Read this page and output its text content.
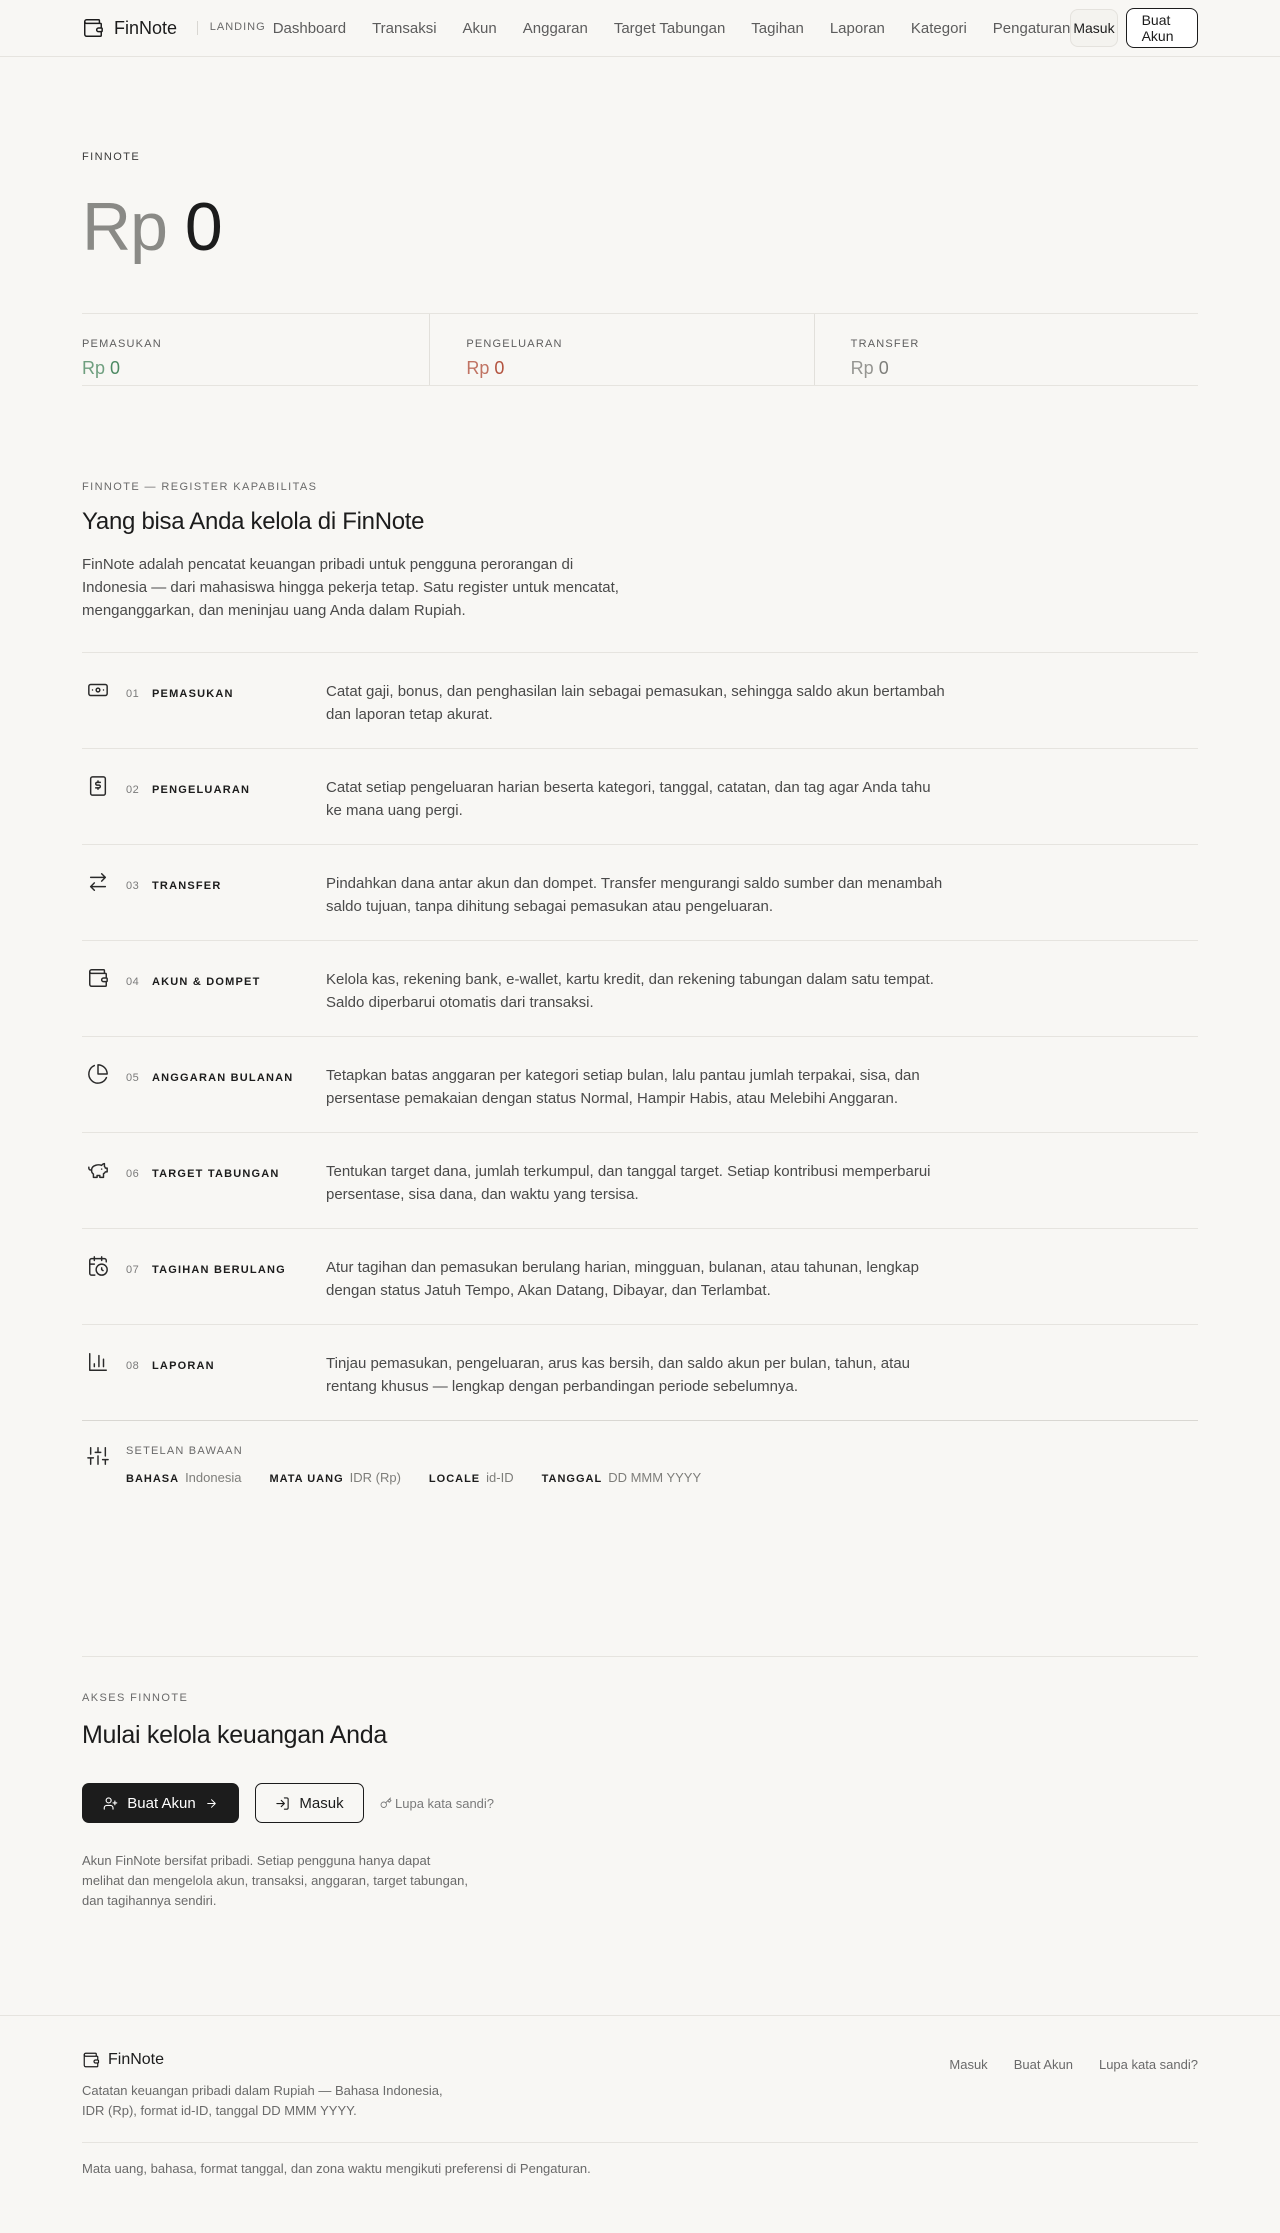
FinNote	LANDING Dashboard Transaksi Akun Anggaran Target Tabungan Tagihan Laporan Kategori Pengaturan Masuk	Buat Akun
FINNOTE
Rp 0
PEMASUKAN
Rp 0
PENGELUARAN
Rp 0
TRANSFER
Rp 0
FINNOTE — REGISTER KAPABILITAS
Yang bisa Anda kelola di FinNote

FinNote adalah pencatat keuangan pribadi untuk pengguna perorangan di Indonesia — dari mahasiswa hingga pekerja tetap. Satu register untuk mencatat, menganggarkan, dan meninjau uang Anda dalam Rupiah.

01	PEMASUKAN	Catat gaji, bonus, dan penghasilan lain sebagai pemasukan, sehingga saldo akun bertambah dan laporan tetap akurat.
02	PENGELUARAN	Catat setiap pengeluaran harian beserta kategori, tanggal, catatan, dan tag agar Anda tahu ke mana uang pergi.
03	TRANSFER	Pindahkan dana antar akun dan dompet. Transfer mengurangi saldo sumber dan menambah saldo tujuan, tanpa dihitung sebagai pemasukan atau pengeluaran.
04	AKUN & DOMPET	Kelola kas, rekening bank, e-wallet, kartu kredit, dan rekening tabungan dalam satu tempat. Saldo diperbarui otomatis dari transaksi.
05	ANGGARAN BULANAN	Tetapkan batas anggaran per kategori setiap bulan, lalu pantau jumlah terpakai, sisa, dan persentase pemakaian dengan status Normal, Hampir Habis, atau Melebihi Anggaran.
06	TARGET TABUNGAN	Tentukan target dana, jumlah terkumpul, dan tanggal target. Setiap kontribusi memperbarui persentase, sisa dana, dan waktu yang tersisa.
07	TAGIHAN BERULANG	Atur tagihan dan pemasukan berulang harian, mingguan, bulanan, atau tahunan, lengkap dengan status Jatuh Tempo, Akan Datang, Dibayar, dan Terlambat.
08	LAPORAN	Tinjau pemasukan, pengeluaran, arus kas bersih, dan saldo akun per bulan, tahun, atau rentang khusus — lengkap dengan perbandingan periode sebelumnya.
SETELAN BAWAAN
BAHASA Indonesia	MATA UANG IDR (Rp)	LOCALE id-ID	TANGGAL DD MMM YYYY
AKSES FINNOTE
Mulai kelola keuangan Anda
Buat Akun	Masuk	Lupa kata sandi?

Akun FinNote bersifat pribadi. Setiap pengguna hanya dapat melihat dan mengelola akun, transaksi, anggaran, target tabungan, dan tagihannya sendiri.

FinNote

Catatan keuangan pribadi dalam Rupiah — Bahasa Indonesia, IDR (Rp), format id-ID, tanggal DD MMM YYYY.

Masuk Buat Akun Lupa kata sandi?
Mata uang, bahasa, format tanggal, dan zona waktu mengikuti preferensi di Pengaturan.
